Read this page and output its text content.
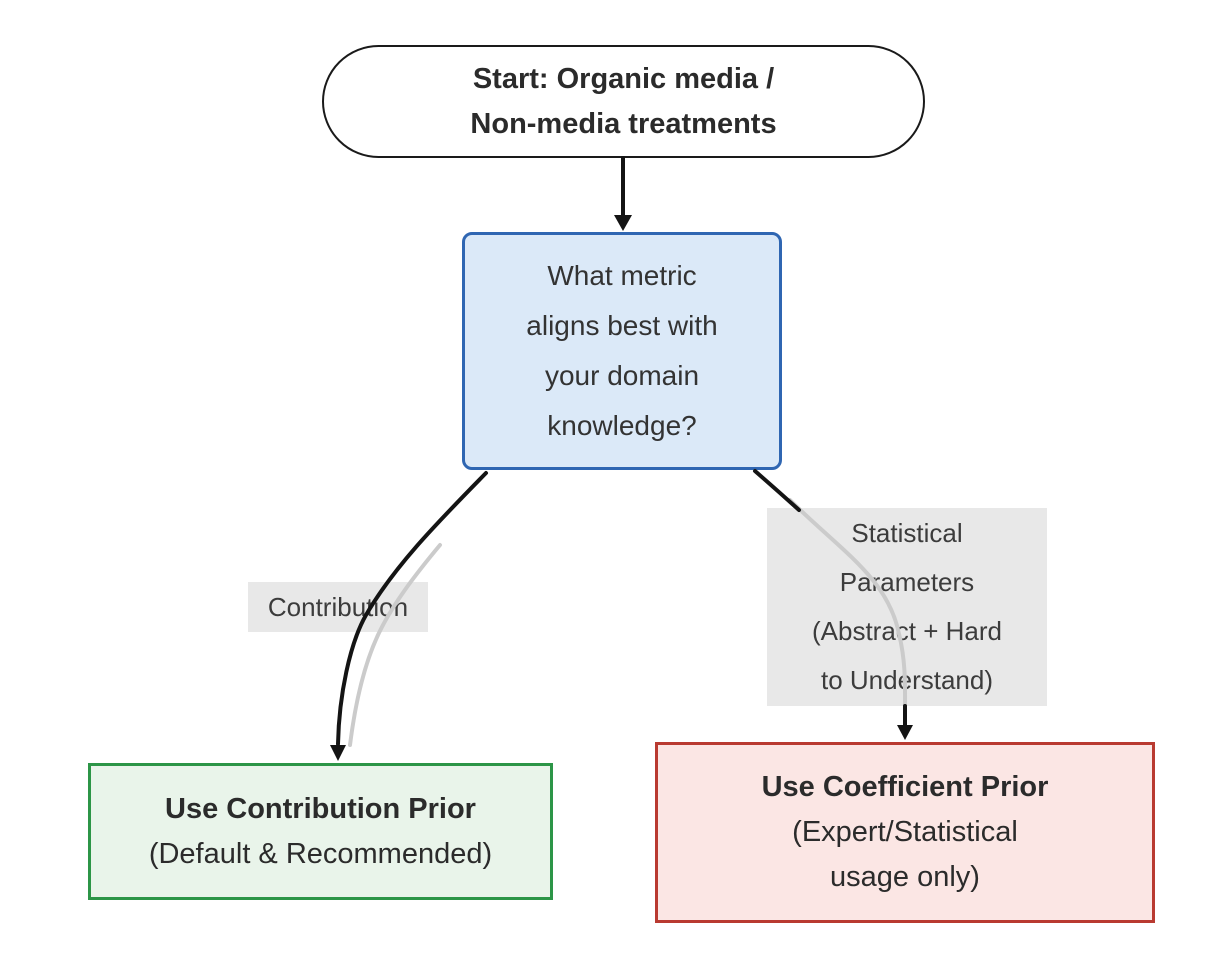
Start: Organic media /
Non-media treatments
What metric
aligns best with
your domain
knowledge?
Contribution
Statistical
Parameters
(Abstract + Hard
to Understand)
Use Contribution Prior
(Default & Recommended)
Use Coefficient Prior
(Expert/Statistical
usage only)
